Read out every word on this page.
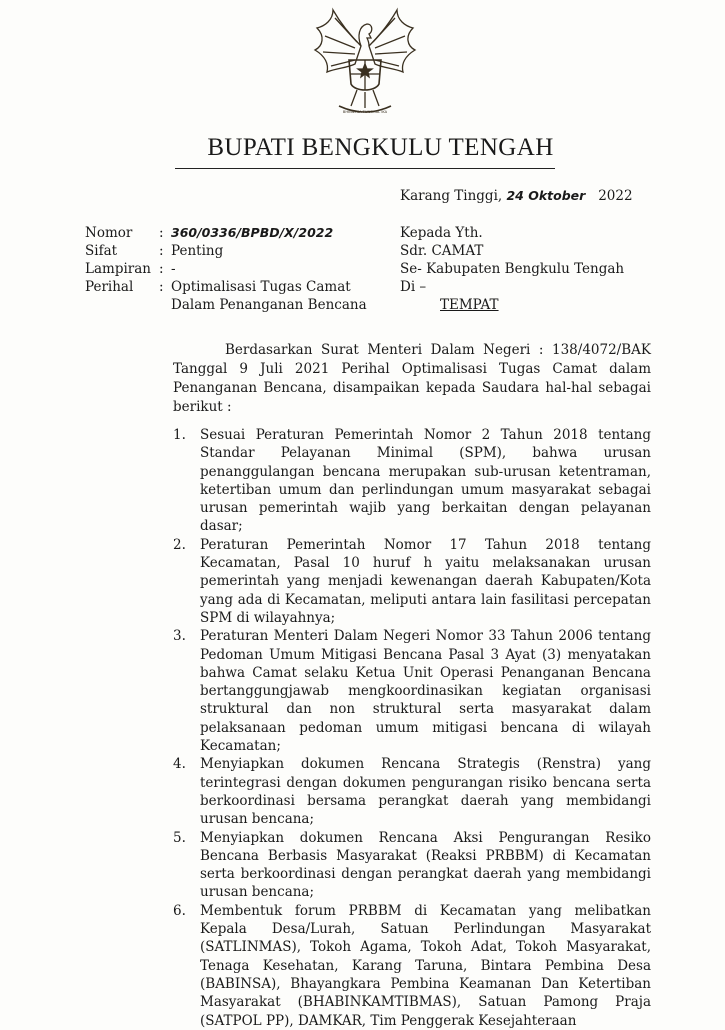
BHINNEKA TUNGGAL IKA
BUPATI BENGKULU TENGAH
Karang Tinggi, 24 Oktober 2022
Nomor	: 360/0336/BPBD/X/2022
Sifat	: Penting
Lampiran : -
Perihal	: Optimalisasi Tugas Camat
Dalam Penanganan Bencana
Kepada Yth.
Sdr. CAMAT
Se- Kabupaten Bengkulu Tengah
Di –
TEMPAT
Berdasarkan Surat Menteri Dalam Negeri : 138/4072/BAK Tanggal 9 Juli 2021 Perihal Optimalisasi Tugas Camat dalam Penanganan Bencana, disampaikan kepada Saudara hal-hal sebagai berikut :
1.	Sesuai Peraturan Pemerintah Nomor 2 Tahun 2018 tentang Standar Pelayanan Minimal (SPM), bahwa urusan penanggulangan bencana merupakan sub-urusan ketentraman, ketertiban umum dan perlindungan umum masyarakat sebagai urusan pemerintah wajib yang berkaitan dengan pelayanan dasar;
2.	Peraturan Pemerintah Nomor 17 Tahun 2018 tentang Kecamatan, Pasal 10 huruf h yaitu melaksanakan urusan pemerintah yang menjadi kewenangan daerah Kabupaten/Kota yang ada di Kecamatan, meliputi antara lain fasilitasi percepatan SPM di wilayahnya;
3.	Peraturan Menteri Dalam Negeri Nomor 33 Tahun 2006 tentang Pedoman Umum Mitigasi Bencana Pasal 3 Ayat (3) menyatakan bahwa Camat selaku Ketua Unit Operasi Penanganan Bencana bertanggungjawab mengkoordinasikan kegiatan organisasi struktural dan non struktural serta masyarakat dalam pelaksanaan pedoman umum mitigasi bencana di wilayah Kecamatan;
4.	Menyiapkan dokumen Rencana Strategis (Renstra) yang terintegrasi dengan dokumen pengurangan risiko bencana serta berkoordinasi bersama perangkat daerah yang membidangi urusan bencana;
5.	Menyiapkan dokumen Rencana Aksi Pengurangan Resiko Bencana Berbasis Masyarakat (Reaksi PRBBM) di Kecamatan serta berkoordinasi dengan perangkat daerah yang membidangi urusan bencana;
6.	Membentuk forum PRBBM di Kecamatan yang melibatkan Kepala Desa/Lurah, Satuan Perlindungan Masyarakat (SATLINMAS), Tokoh Agama, Tokoh Adat, Tokoh Masyarakat, Tenaga Kesehatan, Karang Taruna, Bintara Pembina Desa (BABINSA), Bhayangkara Pembina Keamanan Dan Ketertiban Masyarakat (BHABINKAMTIBMAS), Satuan Pamong Praja (SATPOL PP), DAMKAR, Tim Penggerak Kesejahteraan
